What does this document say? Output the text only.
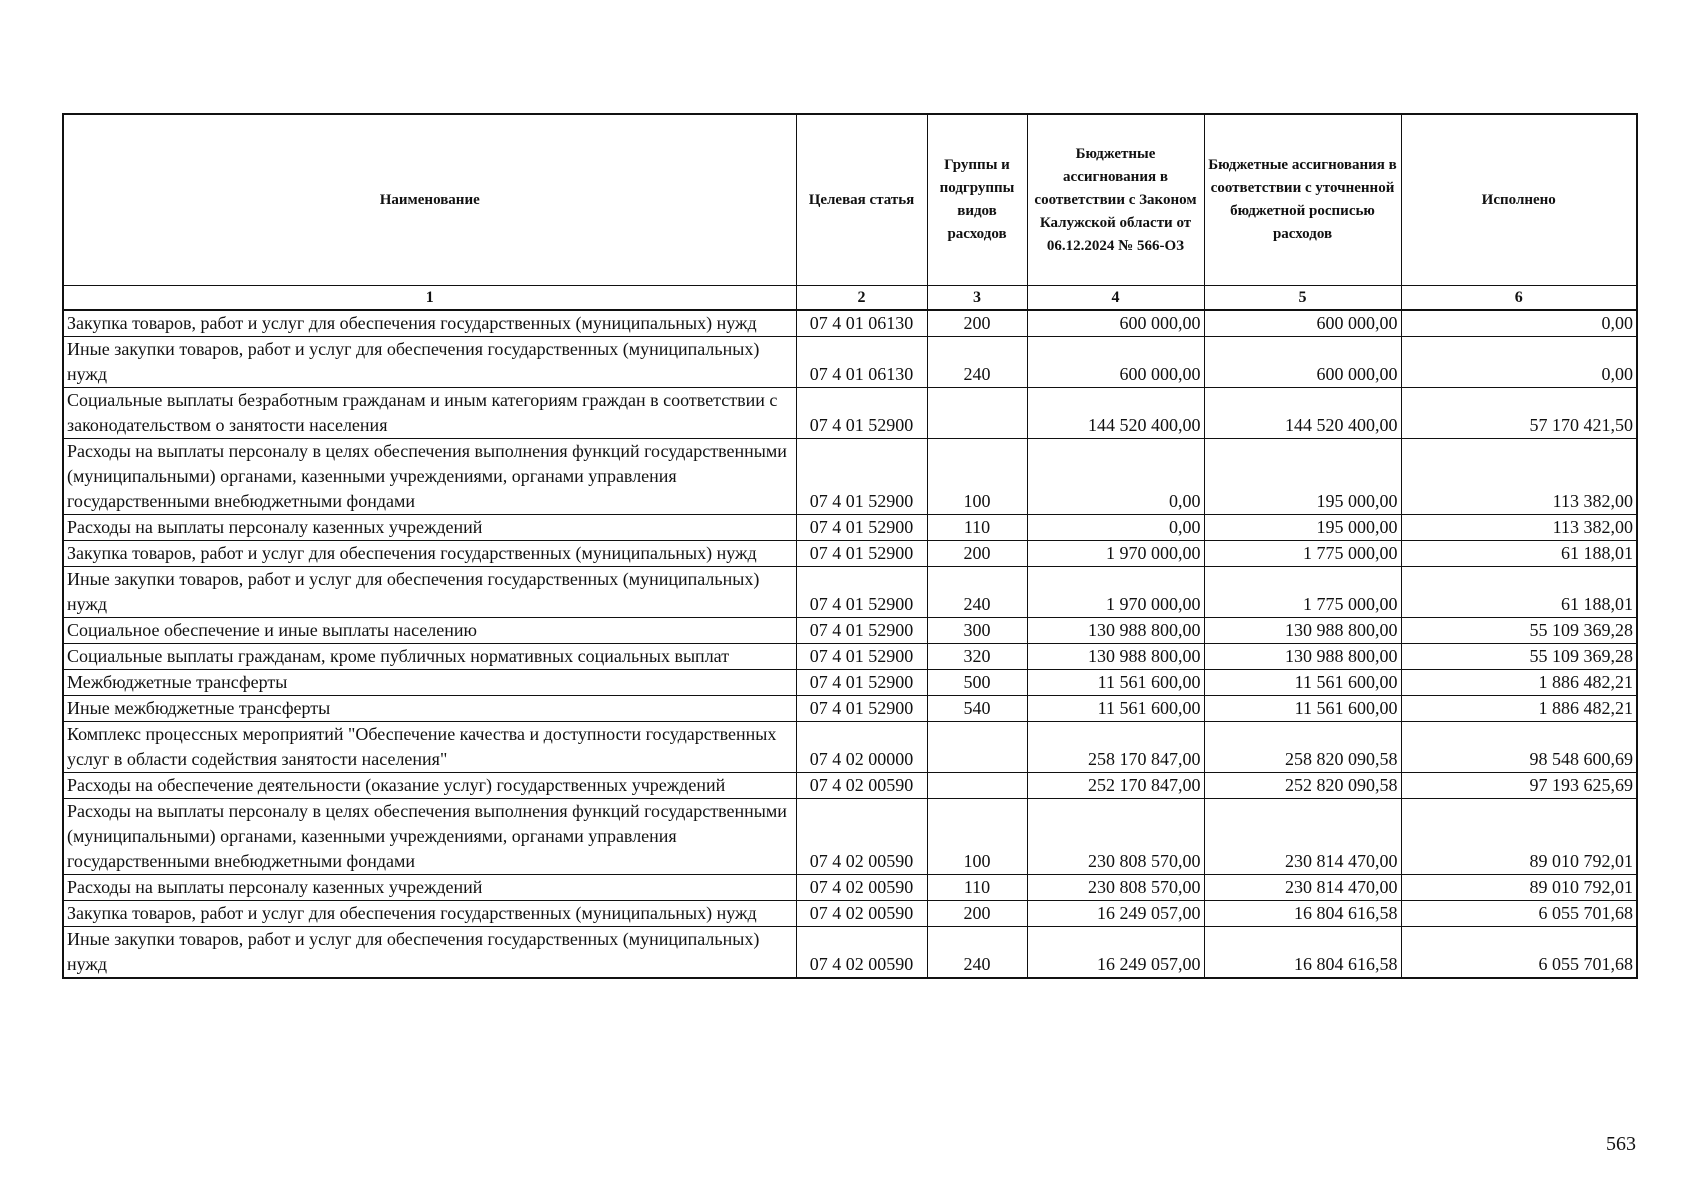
Наименование	Целевая статья	Группы и подгруппы видов расходов	Бюджетные ассигнования в соответствии с Законом Калужской области от 06.12.2024 № 566-ОЗ	Бюджетные ассигнования в соответствии с уточненной бюджетной росписью расходов	Исполнено
1	2	3	4	5	6
Закупка товаров, работ и услуг для обеспечения государственных (муниципальных) нужд	07 4 01 06130	200	600 000,00	600 000,00	0,00
Иные закупки товаров, работ и услуг для обеспечения государственных (муниципальных) нужд	07 4 01 06130	240	600 000,00	600 000,00	0,00
Социальные выплаты безработным гражданам и иным категориям граждан в соответствии с законодательством о занятости населения	07 4 01 52900		144 520 400,00	144 520 400,00	57 170 421,50
Расходы на выплаты персоналу в целях обеспечения выполнения функций государственными (муниципальными) органами, казенными учреждениями, органами управления государственными внебюджетными фондами	07 4 01 52900	100	0,00	195 000,00	113 382,00
Расходы на выплаты персоналу казенных учреждений	07 4 01 52900	110	0,00	195 000,00	113 382,00
Закупка товаров, работ и услуг для обеспечения государственных (муниципальных) нужд	07 4 01 52900	200	1 970 000,00	1 775 000,00	61 188,01
Иные закупки товаров, работ и услуг для обеспечения государственных (муниципальных) нужд	07 4 01 52900	240	1 970 000,00	1 775 000,00	61 188,01
Социальное обеспечение и иные выплаты населению	07 4 01 52900	300	130 988 800,00	130 988 800,00	55 109 369,28
Социальные выплаты гражданам, кроме публичных нормативных социальных выплат	07 4 01 52900	320	130 988 800,00	130 988 800,00	55 109 369,28
Межбюджетные трансферты	07 4 01 52900	500	11 561 600,00	11 561 600,00	1 886 482,21
Иные межбюджетные трансферты	07 4 01 52900	540	11 561 600,00	11 561 600,00	1 886 482,21
Комплекс процессных мероприятий "Обеспечение качества и доступности государственных услуг в области содействия занятости населения"	07 4 02 00000		258 170 847,00	258 820 090,58	98 548 600,69
Расходы на обеспечение деятельности (оказание услуг) государственных учреждений	07 4 02 00590		252 170 847,00	252 820 090,58	97 193 625,69
Расходы на выплаты персоналу в целях обеспечения выполнения функций государственными (муниципальными) органами, казенными учреждениями, органами управления государственными внебюджетными фондами	07 4 02 00590	100	230 808 570,00	230 814 470,00	89 010 792,01
Расходы на выплаты персоналу казенных учреждений	07 4 02 00590	110	230 808 570,00	230 814 470,00	89 010 792,01
Закупка товаров, работ и услуг для обеспечения государственных (муниципальных) нужд	07 4 02 00590	200	16 249 057,00	16 804 616,58	6 055 701,68
Иные закупки товаров, работ и услуг для обеспечения государственных (муниципальных) нужд	07 4 02 00590	240	16 249 057,00	16 804 616,58	6 055 701,68
563
